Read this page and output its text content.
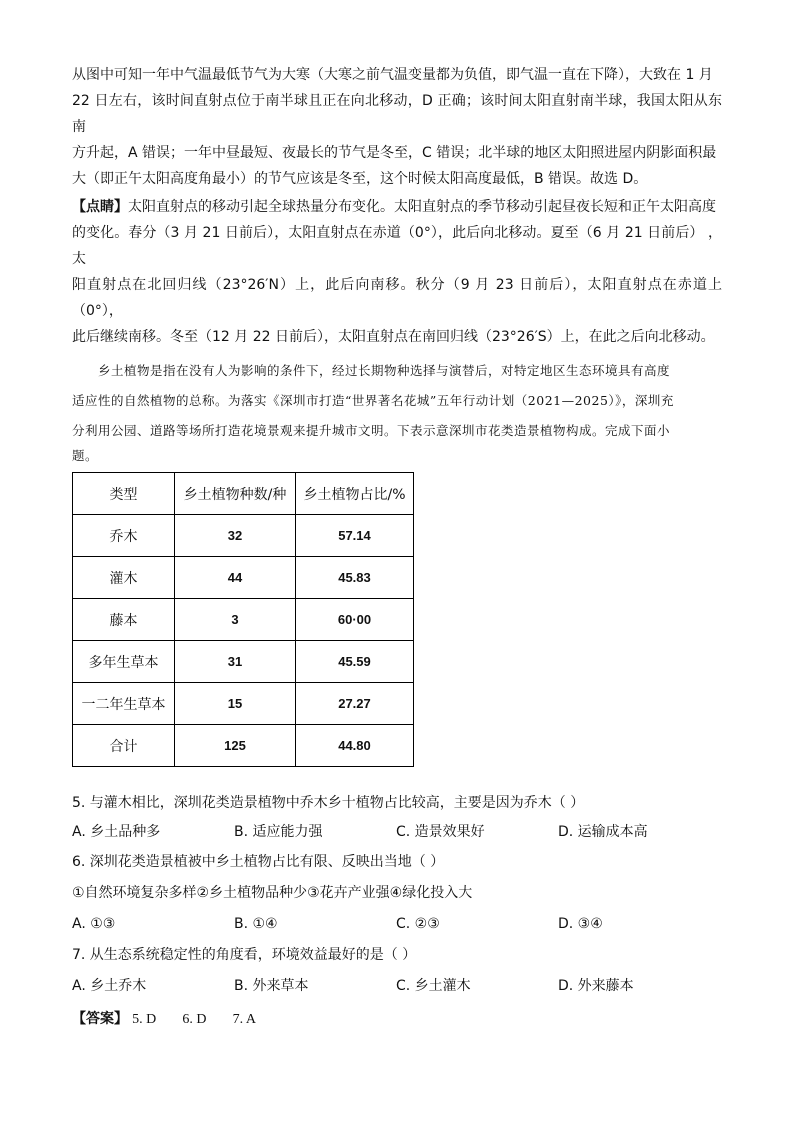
从图中可知一年中气温最低节气为大寒（大寒之前气温变量都为负值，即气温一直在下降），大致在 1 月

22 日左右，该时间直射点位于南半球且正在向北移动，D 正确；该时间太阳直射南半球，我国太阳从东南

方升起，A 错误；一年中昼最短、夜最长的节气是冬至，C 错误；北半球的地区太阳照进屋内阴影面积最

大（即正午太阳高度角最小）的节气应该是冬至，这个时候太阳高度最低，B 错误。故选 D。

【点睛】太阳直射点的移动引起全球热量分布变化。太阳直射点的季节移动引起昼夜长短和正午太阳高度

的变化。春分（3 月 21 日前后），太阳直射点在赤道（0°），此后向北移动。夏至（6 月 21 日前后） ，太

阳直射点在北回归线（23°26′N）上，此后向南移。秋分（9 月 23 日前后），太阳直射点在赤道上（0°），

此后继续南移。冬至（12 月 22 日前后），太阳直射点在南回归线（23°26′S）上，在此之后向北移动。

乡土植物是指在没有人为影响的条件下，经过长期物种选择与演替后，对特定地区生态环境具有高度

适应性的自然植物的总称。为落实《深圳市打造“世界著名花城”五年行动计划（2021—2025）》，深圳充

分利用公园、道路等场所打造花境景观来提升城市文明。下表示意深圳市花类造景植物构成。完成下面小

题。

类型	乡土植物种数/种	乡土植物占比/%
乔木	32	57.14
灌木	44	45.83
藤本	3	60·00
多年生草本	31	45.59
一二年生草本	15	27.27
合计	125	44.80

5. 与灌木相比，深圳花类造景植物中乔木乡十植物占比较高，主要是因为乔木（ ）

A. 乡土品种多	B. 适应能力强	C. 造景效果好	D. 运输成本高

6. 深圳花类造景植被中乡土植物占比有限、反映出当地（ ）

①自然环境复杂多样②乡土植物品种少③花卉产业强④绿化投入大

A. ①③	B. ①④	C. ②③	D. ③④

7. 从生态系统稳定性的角度看，环境效益最好的是（ ）

A. 乡土乔木	B. 外来草本	C. 乡土灌木	D. 外来藤本

【答案】 5. D 6. D 7. A
